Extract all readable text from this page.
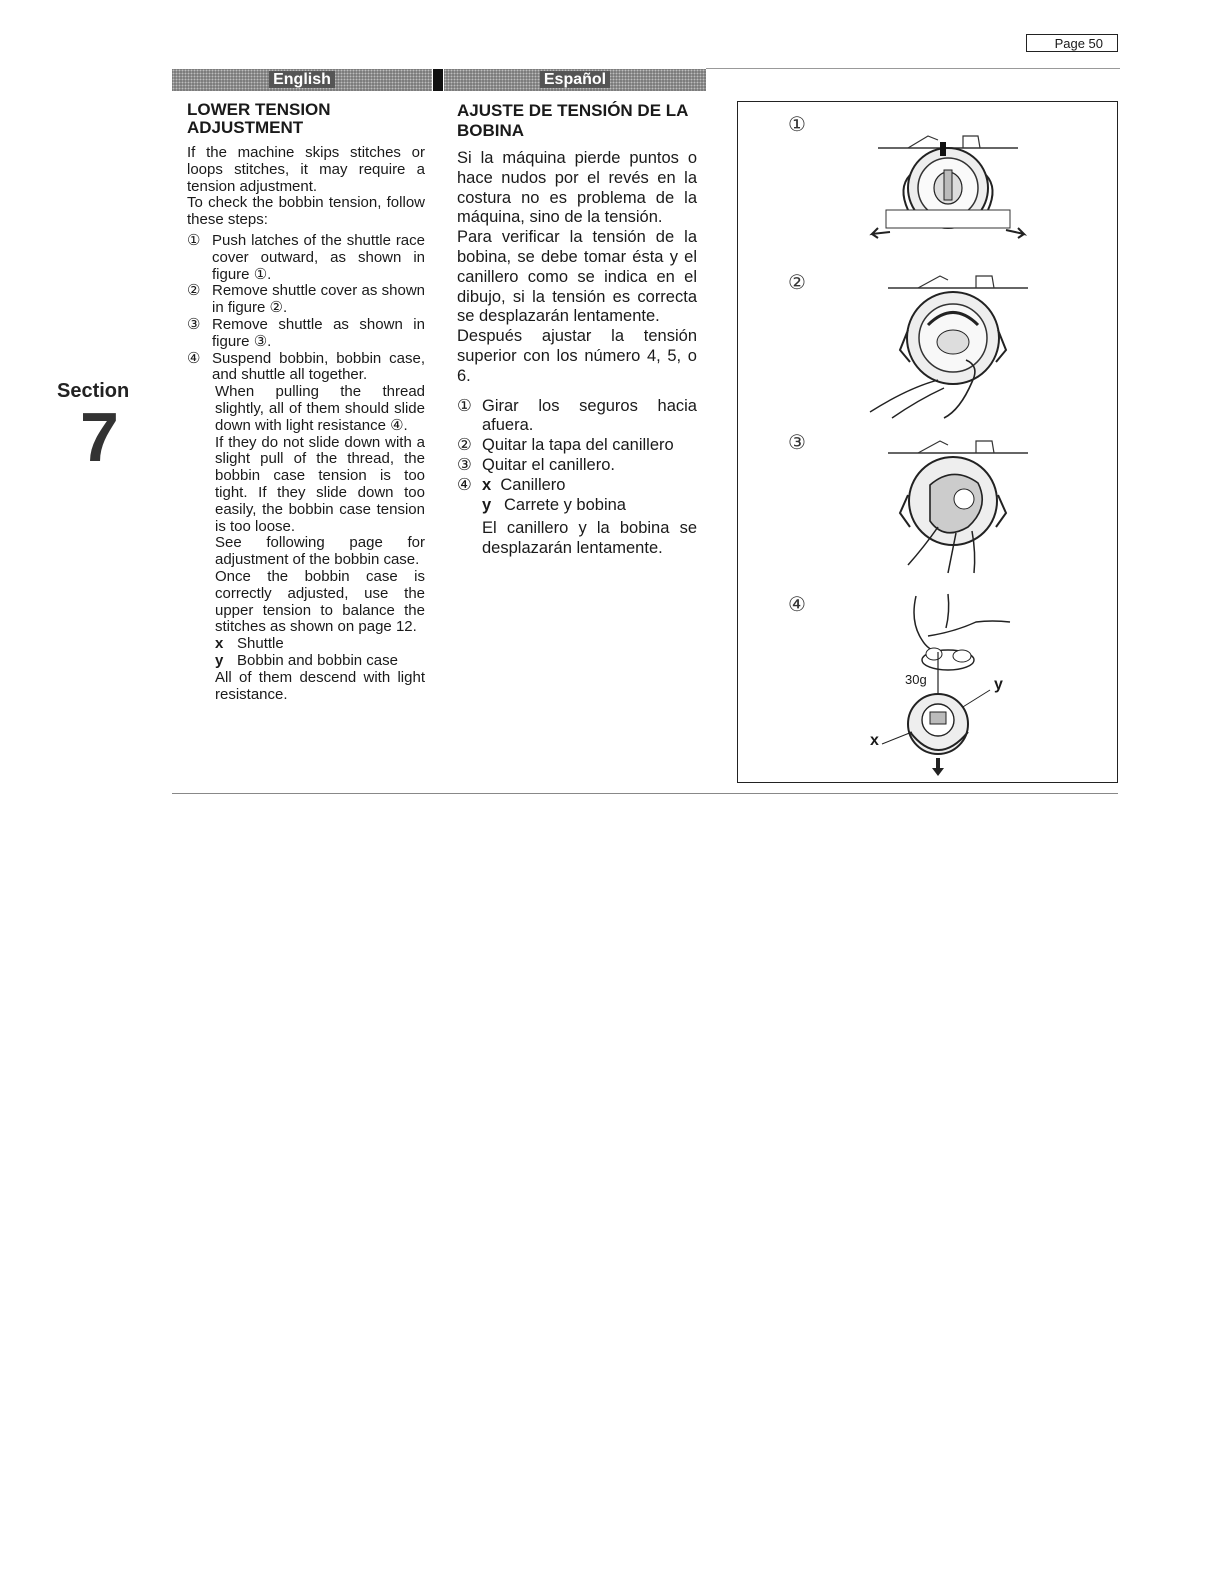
Page 50
English	Español
Section
7
LOWER TENSION ADJUSTMENT

If the machine skips stitches or loops stitches, it may require a tension adjustment.

To check the bobbin tension, follow these steps:

① Push latches of the shuttle race cover outward, as shown in figure ①.
② Remove shuttle cover as shown in figure ②.
③ Remove shuttle as shown in figure ③.
④ Suspend bobbin, bobbin case, and shuttle all together.

When pulling the thread slightly, all of them should slide down with light resistance ④.

If they do not slide down with a slight pull of the thread, the bobbin case tension is too tight. If they slide down too easily, the bobbin case tension is too loose.

See following page for adjustment of the bobbin case.

Once the bobbin case is correctly adjusted, use the upper tension to balance the stitches as shown on page 12.

x Shuttle
y Bobbin and bobbin case

All of them descend with light resistance.

AJUSTE DE TENSIÓN DE LA BOBINA

Si la máquina pierde puntos o hace nudos por el revés en la costura no es problema de la máquina, sino de la tensión.

Para verificar la tensión de la bobina, se debe tomar ésta y el canillero como se indica en el dibujo, si la tensión es correcta se desplazarán lentamente.

Después ajustar la tensión superior con los número 4, 5, o 6.

① Girar los seguros hacia afuera.
② Quitar la tapa del canillero
③ Quitar el canillero.
④ x Canillero
y Carrete y bobina

El canillero y la bobina se desplazarán lentamente.

①
②
③
④
30g	y
x
